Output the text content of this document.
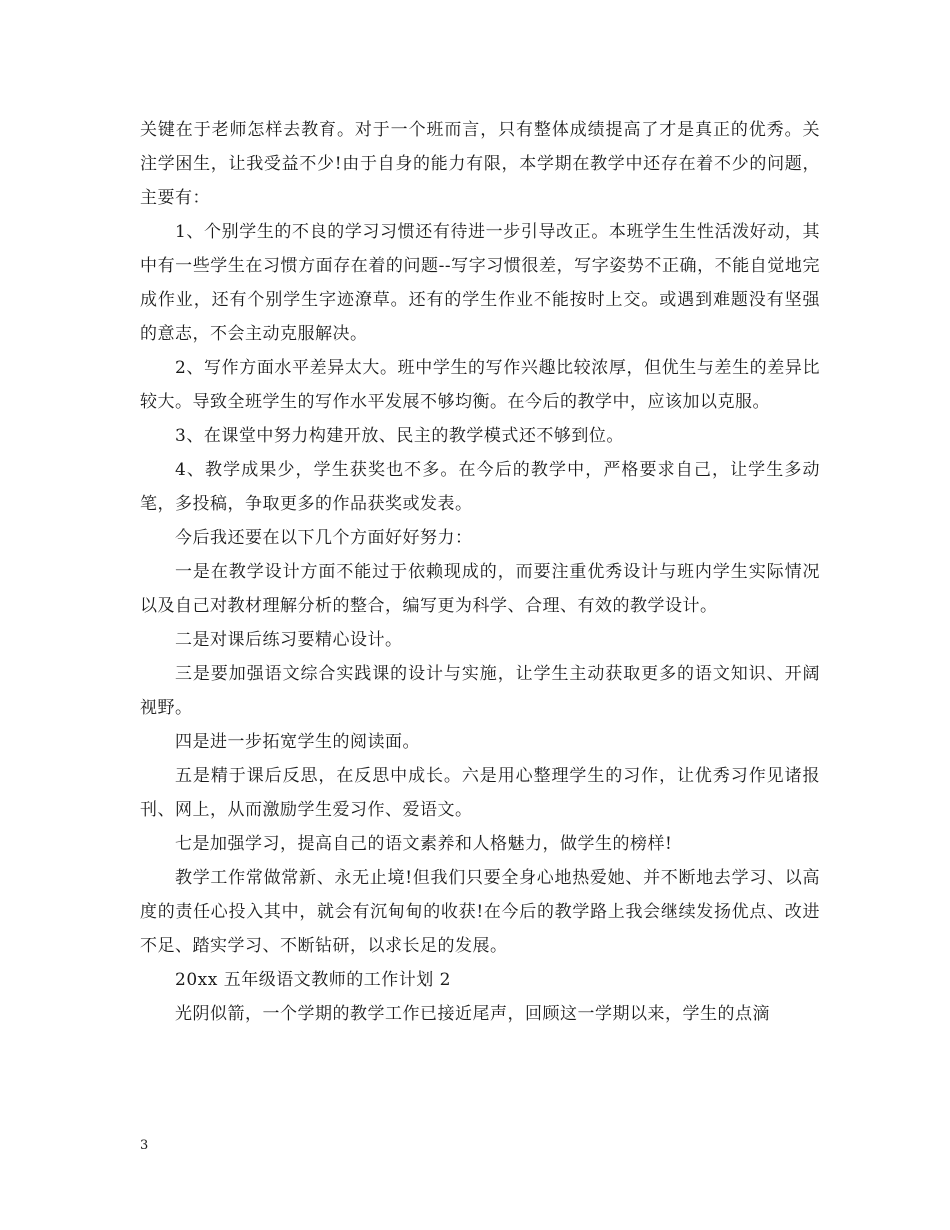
关键在于老师怎样去教育。对于一个班而言，只有整体成绩提高了才是真正的优秀。关注学困生，让我受益不少!由于自身的能力有限，本学期在教学中还存在着不少的问题，主要有：

1、个别学生的不良的学习习惯还有待进一步引导改正。本班学生生性活泼好动，其中有一些学生在习惯方面存在着的问题--写字习惯很差，写字姿势不正确，不能自觉地完成作业，还有个别学生字迹潦草。还有的学生作业不能按时上交。或遇到难题没有坚强的意志，不会主动克服解决。

2、写作方面水平差异太大。班中学生的写作兴趣比较浓厚，但优生与差生的差异比较大。导致全班学生的写作水平发展不够均衡。在今后的教学中，应该加以克服。

3、在课堂中努力构建开放、民主的教学模式还不够到位。

4、教学成果少，学生获奖也不多。在今后的教学中，严格要求自己，让学生多动笔，多投稿，争取更多的作品获奖或发表。

今后我还要在以下几个方面好好努力：

一是在教学设计方面不能过于依赖现成的，而要注重优秀设计与班内学生实际情况以及自己对教材理解分析的整合，编写更为科学、合理、有效的教学设计。

二是对课后练习要精心设计。

三是要加强语文综合实践课的设计与实施，让学生主动获取更多的语文知识、开阔视野。

四是进一步拓宽学生的阅读面。

五是精于课后反思，在反思中成长。六是用心整理学生的习作，让优秀习作见诸报刊、网上，从而激励学生爱习作、爱语文。

七是加强学习，提高自己的语文素养和人格魅力，做学生的榜样!

教学工作常做常新、永无止境!但我们只要全身心地热爱她、并不断地去学习、以高度的责任心投入其中，就会有沉甸甸的收获!在今后的教学路上我会继续发扬优点、改进不足、踏实学习、不断钻研，以求长足的发展。

20xx 五年级语文教师的工作计划 2

光阴似箭，一个学期的教学工作已接近尾声，回顾这一学期以来，学生的点滴

3
